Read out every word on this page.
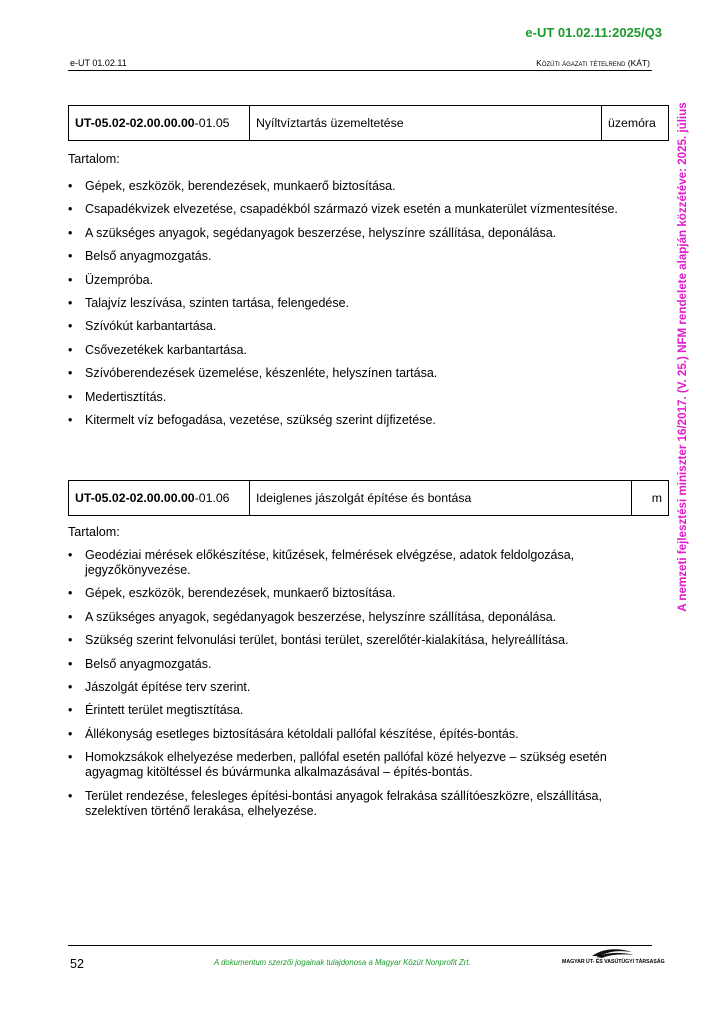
e-UT 01.02.11:2025/Q3
e-UT 01.02.11	Közúti ágazati tételrend (KÁT)
A nemzeti fejlesztési miniszter 16/2017. (V. 25.) NFM rendelete alapján közzétéve: 2025. július
UT-05.02-02.00.00.00-01.05	Nyíltvíztartás üzemeltetése	üzemóra
Tartalom:
• Gépek, eszközök, berendezések, munkaerő biztosítása.
• Csapadékvizek elvezetése, csapadékból származó vizek esetén a munkaterület vízmentesítése.
• A szükséges anyagok, segédanyagok beszerzése, helyszínre szállítása, deponálása.
• Belső anyagmozgatás.
• Üzempróba.
• Talajvíz leszívása, szinten tartása, felengedése.
• Szívókút karbantartása.
• Csővezetékek karbantartása.
• Szívóberendezések üzemelése, készenléte, helyszínen tartása.
• Medertisztítás.
• Kitermelt víz befogadása, vezetése, szükség szerint díjfizetése.
UT-05.02-02.00.00.00-01.06	Ideiglenes jászolgát építése és bontása	m
Tartalom:
• Geodéziai mérések előkészítése, kitűzések, felmérések elvégzése, adatok feldolgozása, jegyzőkönyvezése.
• Gépek, eszközök, berendezések, munkaerő biztosítása.
• A szükséges anyagok, segédanyagok beszerzése, helyszínre szállítása, deponálása.
• Szükség szerint felvonulási terület, bontási terület, szerelőtér-kialakítása, helyreállítása.
• Belső anyagmozgatás.
• Jászolgát építése terv szerint.
• Érintett terület megtisztítása.
• Állékonyság esetleges biztosítására kétoldali pallófal készítése, építés-bontás.
• Homokzsákok elhelyezése mederben, pallófal esetén pallófal közé helyezve – szükség esetén agyagmag kitöltéssel és búvármunka alkalmazásával – építés-bontás.
• Terület rendezése, felesleges építési-bontási anyagok felrakása szállítóeszközre, elszállítása, szelektíven történő lerakása, elhelyezése.
52	A dokumentum szerzői jogainak tulajdonosa a Magyar Közút Nonprofit Zrt.	MAGYAR ÚT- ÉS VASÚTÜGYI TÁRSASÁG
